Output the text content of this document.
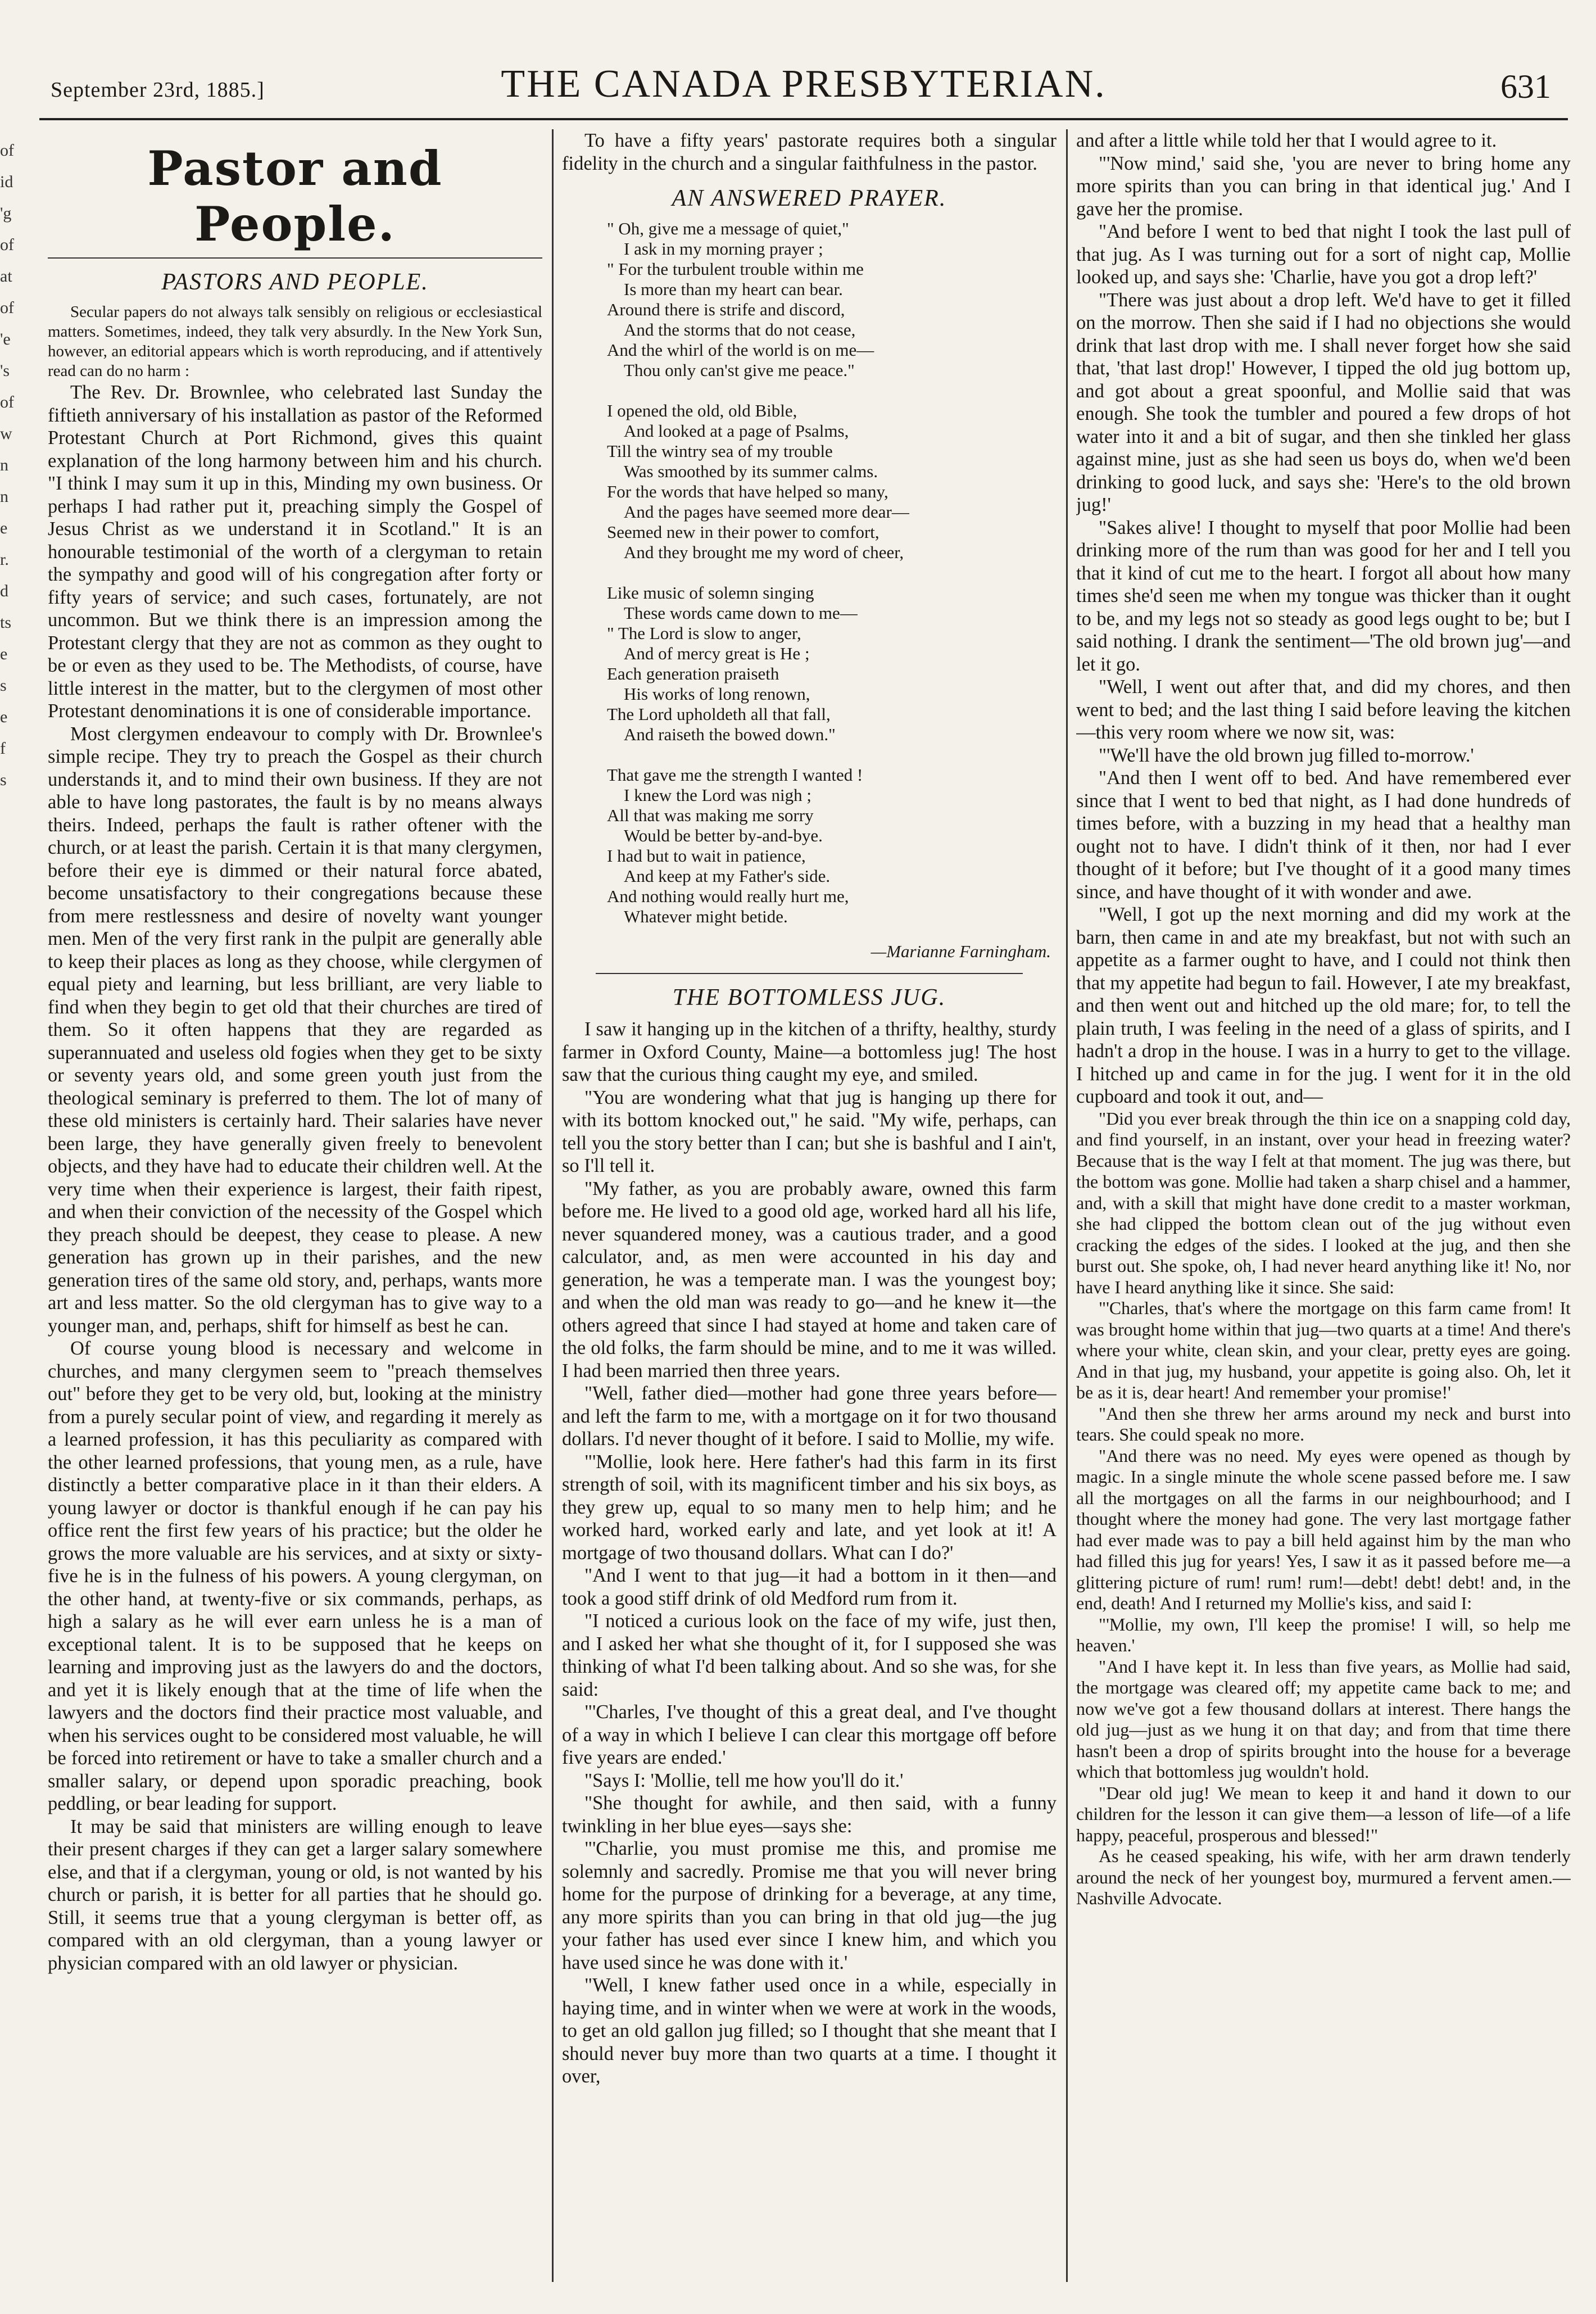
September 23rd, 1885.]	THE CANADA PRESBYTERIAN.	631
of
id
'g
of
at
of
'e
's
of
w
n
n
e
r.
d
ts
e
s
e
f
s
Pastor and People.
PASTORS AND PEOPLE.

Secular papers do not always talk sensibly on religious or ecclesiastical matters. Sometimes, indeed, they talk very absurdly. In the New York Sun, however, an editorial appears which is worth reproducing, and if attentively read can do no harm :

The Rev. Dr. Brownlee, who celebrated last Sunday the fiftieth anniversary of his installation as pastor of the Reformed Protestant Church at Port Richmond, gives this quaint explanation of the long harmony between him and his church. "I think I may sum it up in this, Minding my own business. Or perhaps I had rather put it, preaching simply the Gospel of Jesus Christ as we understand it in Scotland." It is an honourable testimonial of the worth of a clergyman to retain the sympathy and good will of his congregation after forty or fifty years of service; and such cases, fortunately, are not uncommon. But we think there is an impression among the Protestant clergy that they are not as common as they ought to be or even as they used to be. The Methodists, of course, have little interest in the matter, but to the clergymen of most other Protestant denominations it is one of considerable importance.

Most clergymen endeavour to comply with Dr. Brownlee's simple recipe. They try to preach the Gospel as their church understands it, and to mind their own business. If they are not able to have long pastorates, the fault is by no means always theirs. Indeed, perhaps the fault is rather oftener with the church, or at least the parish. Certain it is that many clergymen, before their eye is dimmed or their natural force abated, become unsatisfactory to their congregations because these from mere restlessness and desire of novelty want younger men. Men of the very first rank in the pulpit are generally able to keep their places as long as they choose, while clergymen of equal piety and learning, but less brilliant, are very liable to find when they begin to get old that their churches are tired of them. So it often happens that they are regarded as superannuated and useless old fogies when they get to be sixty or seventy years old, and some green youth just from the theological seminary is preferred to them. The lot of many of these old ministers is certainly hard. Their salaries have never been large, they have generally given freely to benevolent objects, and they have had to educate their children well. At the very time when their experience is largest, their faith ripest, and when their conviction of the necessity of the Gospel which they preach should be deepest, they cease to please. A new generation has grown up in their parishes, and the new generation tires of the same old story, and, perhaps, wants more art and less matter. So the old clergyman has to give way to a younger man, and, perhaps, shift for himself as best he can.

Of course young blood is necessary and welcome in churches, and many clergymen seem to "preach themselves out" before they get to be very old, but, looking at the ministry from a purely secular point of view, and regarding it merely as a learned profession, it has this peculiarity as compared with the other learned professions, that young men, as a rule, have distinctly a better comparative place in it than their elders. A young lawyer or doctor is thankful enough if he can pay his office rent the first few years of his practice; but the older he grows the more valuable are his services, and at sixty or sixty-five he is in the fulness of his powers. A young clergyman, on the other hand, at twenty-five or six commands, perhaps, as high a salary as he will ever earn unless he is a man of exceptional talent. It is to be supposed that he keeps on learning and improving just as the lawyers do and the doctors, and yet it is likely enough that at the time of life when the lawyers and the doctors find their practice most valuable, and when his services ought to be considered most valuable, he will be forced into retirement or have to take a smaller church and a smaller salary, or depend upon sporadic preaching, book peddling, or bear leading for support.

It may be said that ministers are willing enough to leave their present charges if they can get a larger salary somewhere else, and that if a clergyman, young or old, is not wanted by his church or parish, it is better for all parties that he should go. Still, it seems true that a young clergyman is better off, as compared with an old clergyman, than a young lawyer or physician compared with an old lawyer or physician.

To have a fifty years' pastorate requires both a singular fidelity in the church and a singular faithfulness in the pastor.

AN ANSWERED PRAYER.
" Oh, give me a message of quiet,"
I ask in my morning prayer ;
" For the turbulent trouble within me
Is more than my heart can bear.
Around there is strife and discord,
And the storms that do not cease,
And the whirl of the world is on me—
Thou only can'st give me peace."
I opened the old, old Bible,
And looked at a page of Psalms,
Till the wintry sea of my trouble
Was smoothed by its summer calms.
For the words that have helped so many,
And the pages have seemed more dear—
Seemed new in their power to comfort,
And they brought me my word of cheer,
Like music of solemn singing
These words came down to me—
" The Lord is slow to anger,
And of mercy great is He ;
Each generation praiseth
His works of long renown,
The Lord upholdeth all that fall,
And raiseth the bowed down."
That gave me the strength I wanted !
I knew the Lord was nigh ;
All that was making me sorry
Would be better by-and-bye.
I had but to wait in patience,
And keep at my Father's side.
And nothing would really hurt me,
Whatever might betide.
—Marianne Farningham.
THE BOTTOMLESS JUG.

I saw it hanging up in the kitchen of a thrifty, healthy, sturdy farmer in Oxford County, Maine—a bottomless jug! The host saw that the curious thing caught my eye, and smiled.

"You are wondering what that jug is hanging up there for with its bottom knocked out," he said. "My wife, perhaps, can tell you the story better than I can; but she is bashful and I ain't, so I'll tell it.

"My father, as you are probably aware, owned this farm before me. He lived to a good old age, worked hard all his life, never squandered money, was a cautious trader, and a good calculator, and, as men were accounted in his day and generation, he was a temperate man. I was the youngest boy; and when the old man was ready to go—and he knew it—the others agreed that since I had stayed at home and taken care of the old folks, the farm should be mine, and to me it was willed. I had been married then three years.

"Well, father died—mother had gone three years before—and left the farm to me, with a mortgage on it for two thousand dollars. I'd never thought of it before. I said to Mollie, my wife.

"'Mollie, look here. Here father's had this farm in its first strength of soil, with its magnificent timber and his six boys, as they grew up, equal to so many men to help him; and he worked hard, worked early and late, and yet look at it! A mortgage of two thousand dollars. What can I do?'

"And I went to that jug—it had a bottom in it then—and took a good stiff drink of old Medford rum from it.

"I noticed a curious look on the face of my wife, just then, and I asked her what she thought of it, for I supposed she was thinking of what I'd been talking about. And so she was, for she said:

"'Charles, I've thought of this a great deal, and I've thought of a way in which I believe I can clear this mortgage off before five years are ended.'

"Says I: 'Mollie, tell me how you'll do it.'

"She thought for awhile, and then said, with a funny twinkling in her blue eyes—says she:

"'Charlie, you must promise me this, and promise me solemnly and sacredly. Promise me that you will never bring home for the purpose of drinking for a beverage, at any time, any more spirits than you can bring in that old jug—the jug your father has used ever since I knew him, and which you have used since he was done with it.'

"Well, I knew father used once in a while, especially in haying time, and in winter when we were at work in the woods, to get an old gallon jug filled; so I thought that she meant that I should never buy more than two quarts at a time. I thought it over,

and after a little while told her that I would agree to it.

"'Now mind,' said she, 'you are never to bring home any more spirits than you can bring in that identical jug.' And I gave her the promise.

"And before I went to bed that night I took the last pull of that jug. As I was turning out for a sort of night cap, Mollie looked up, and says she: 'Charlie, have you got a drop left?'

"There was just about a drop left. We'd have to get it filled on the morrow. Then she said if I had no objections she would drink that last drop with me. I shall never forget how she said that, 'that last drop!' However, I tipped the old jug bottom up, and got about a great spoonful, and Mollie said that was enough. She took the tumbler and poured a few drops of hot water into it and a bit of sugar, and then she tinkled her glass against mine, just as she had seen us boys do, when we'd been drinking to good luck, and says she: 'Here's to the old brown jug!'

"Sakes alive! I thought to myself that poor Mollie had been drinking more of the rum than was good for her and I tell you that it kind of cut me to the heart. I forgot all about how many times she'd seen me when my tongue was thicker than it ought to be, and my legs not so steady as good legs ought to be; but I said nothing. I drank the sentiment—'The old brown jug'—and let it go.

"Well, I went out after that, and did my chores, and then went to bed; and the last thing I said before leaving the kitchen—this very room where we now sit, was:

"'We'll have the old brown jug filled to-morrow.'

"And then I went off to bed. And have remembered ever since that I went to bed that night, as I had done hundreds of times before, with a buzzing in my head that a healthy man ought not to have. I didn't think of it then, nor had I ever thought of it before; but I've thought of it a good many times since, and have thought of it with wonder and awe.

"Well, I got up the next morning and did my work at the barn, then came in and ate my breakfast, but not with such an appetite as a farmer ought to have, and I could not think then that my appetite had begun to fail. However, I ate my breakfast, and then went out and hitched up the old mare; for, to tell the plain truth, I was feeling in the need of a glass of spirits, and I hadn't a drop in the house. I was in a hurry to get to the village. I hitched up and came in for the jug. I went for it in the old cupboard and took it out, and—

"Did you ever break through the thin ice on a snapping cold day, and find yourself, in an instant, over your head in freezing water? Because that is the way I felt at that moment. The jug was there, but the bottom was gone. Mollie had taken a sharp chisel and a hammer, and, with a skill that might have done credit to a master workman, she had clipped the bottom clean out of the jug without even cracking the edges of the sides. I looked at the jug, and then she burst out. She spoke, oh, I had never heard anything like it! No, nor have I heard anything like it since. She said:

"'Charles, that's where the mortgage on this farm came from! It was brought home within that jug—two quarts at a time! And there's where your white, clean skin, and your clear, pretty eyes are going. And in that jug, my husband, your appetite is going also. Oh, let it be as it is, dear heart! And remember your promise!'

"And then she threw her arms around my neck and burst into tears. She could speak no more.

"And there was no need. My eyes were opened as though by magic. In a single minute the whole scene passed before me. I saw all the mortgages on all the farms in our neighbourhood; and I thought where the money had gone. The very last mortgage father had ever made was to pay a bill held against him by the man who had filled this jug for years! Yes, I saw it as it passed before me—a glittering picture of rum! rum! rum!—debt! debt! debt! and, in the end, death! And I returned my Mollie's kiss, and said I:

"'Mollie, my own, I'll keep the promise! I will, so help me heaven.'

"And I have kept it. In less than five years, as Mollie had said, the mortgage was cleared off; my appetite came back to me; and now we've got a few thousand dollars at interest. There hangs the old jug—just as we hung it on that day; and from that time there hasn't been a drop of spirits brought into the house for a beverage which that bottomless jug wouldn't hold.

"Dear old jug! We mean to keep it and hand it down to our children for the lesson it can give them—a lesson of life—of a life happy, peaceful, prosperous and blessed!"

As he ceased speaking, his wife, with her arm drawn tenderly around the neck of her youngest boy, murmured a fervent amen.—Nashville Advocate.
